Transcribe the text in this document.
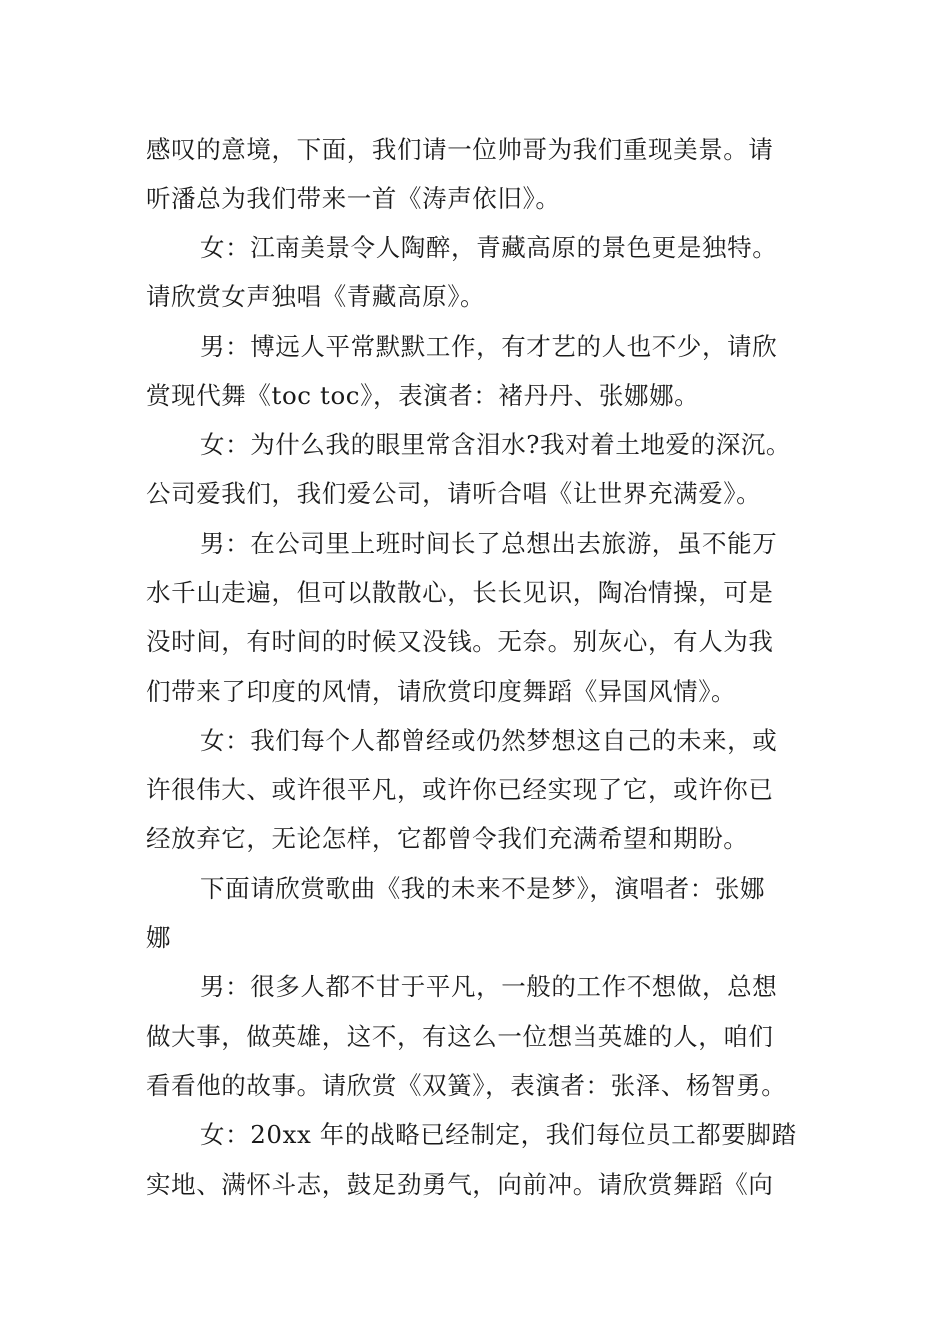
感叹的意境，下面，我们请一位帅哥为我们重现美景。请
听潘总为我们带来一首《涛声依旧》。
女：江南美景令人陶醉，青藏高原的景色更是独特。
请欣赏女声独唱《青藏高原》。
男：博远人平常默默工作，有才艺的人也不少，请欣
赏现代舞《toc toc》，表演者：褚丹丹、张娜娜。
女：为什么我的眼里常含泪水?我对着土地爱的深沉。
公司爱我们，我们爱公司，请听合唱《让世界充满爱》。
男：在公司里上班时间长了总想出去旅游，虽不能万
水千山走遍，但可以散散心，长长见识，陶冶情操，可是
没时间，有时间的时候又没钱。无奈。别灰心，有人为我
们带来了印度的风情，请欣赏印度舞蹈《异国风情》。
女：我们每个人都曾经或仍然梦想这自己的未来，或
许很伟大、或许很平凡，或许你已经实现了它，或许你已
经放弃它，无论怎样，它都曾令我们充满希望和期盼。
下面请欣赏歌曲《我的未来不是梦》，演唱者：张娜
娜
男：很多人都不甘于平凡，一般的工作不想做，总想
做大事，做英雄，这不，有这么一位想当英雄的人，咱们
看看他的故事。请欣赏《双簧》，表演者：张泽、杨智勇。
女：20xx 年的战略已经制定，我们每位员工都要脚踏
实地、满怀斗志，鼓足劲勇气，向前冲。请欣赏舞蹈《向
